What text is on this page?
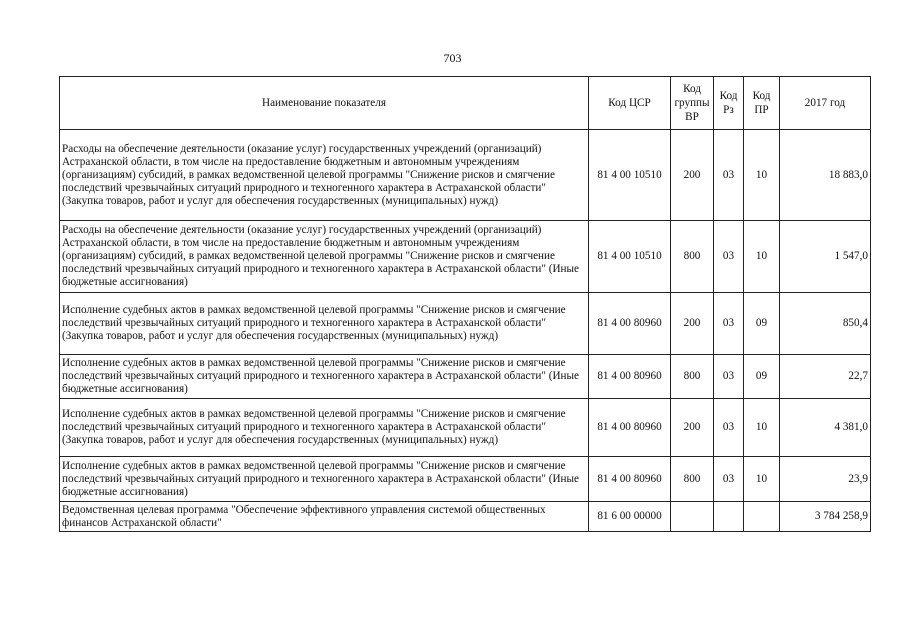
703
Наименование показателя	Код ЦСР	Код группы ВР	Код Рз	Код ПР	2017 год
Расходы на обеспечение деятельности (оказание услуг) государственных учреждений (организаций) Астраханской области, в том числе на предоставление бюджетным и автономным учреждениям (организациям) субсидий, в рамках ведомственной целевой программы "Снижение рисков и смягчение последствий чрезвычайных ситуаций природного и техногенного характера в Астраханской области" (Закупка товаров, работ и услуг для обеспечения государственных (муниципальных) нужд)	81 4 00 10510	200	03	10	18 883,0
Расходы на обеспечение деятельности (оказание услуг) государственных учреждений (организаций) Астраханской области, в том числе на предоставление бюджетным и автономным учреждениям (организациям) субсидий, в рамках ведомственной целевой программы "Снижение рисков и смягчение последствий чрезвычайных ситуаций природного и техногенного характера в Астраханской области" (Иные бюджетные ассигнования)	81 4 00 10510	800	03	10	1 547,0
Исполнение судебных актов в рамках ведомственной целевой программы "Снижение рисков и смягчение последствий чрезвычайных ситуаций природного и техногенного характера в Астраханской области" (Закупка товаров, работ и услуг для обеспечения государственных (муниципальных) нужд)	81 4 00 80960	200	03	09	850,4
Исполнение судебных актов в рамках ведомственной целевой программы "Снижение рисков и смягчение последствий чрезвычайных ситуаций природного и техногенного характера в Астраханской области" (Иные бюджетные ассигнования)	81 4 00 80960	800	03	09	22,7
Исполнение судебных актов в рамках ведомственной целевой программы "Снижение рисков и смягчение последствий чрезвычайных ситуаций природного и техногенного характера в Астраханской области" (Закупка товаров, работ и услуг для обеспечения государственных (муниципальных) нужд)	81 4 00 80960	200	03	10	4 381,0
Исполнение судебных актов в рамках ведомственной целевой программы "Снижение рисков и смягчение последствий чрезвычайных ситуаций природного и техногенного характера в Астраханской области" (Иные бюджетные ассигнования)	81 4 00 80960	800	03	10	23,9
Ведомственная целевая программа "Обеспечение эффективного управления системой общественных финансов Астраханской области"	81 6 00 00000				3 784 258,9
